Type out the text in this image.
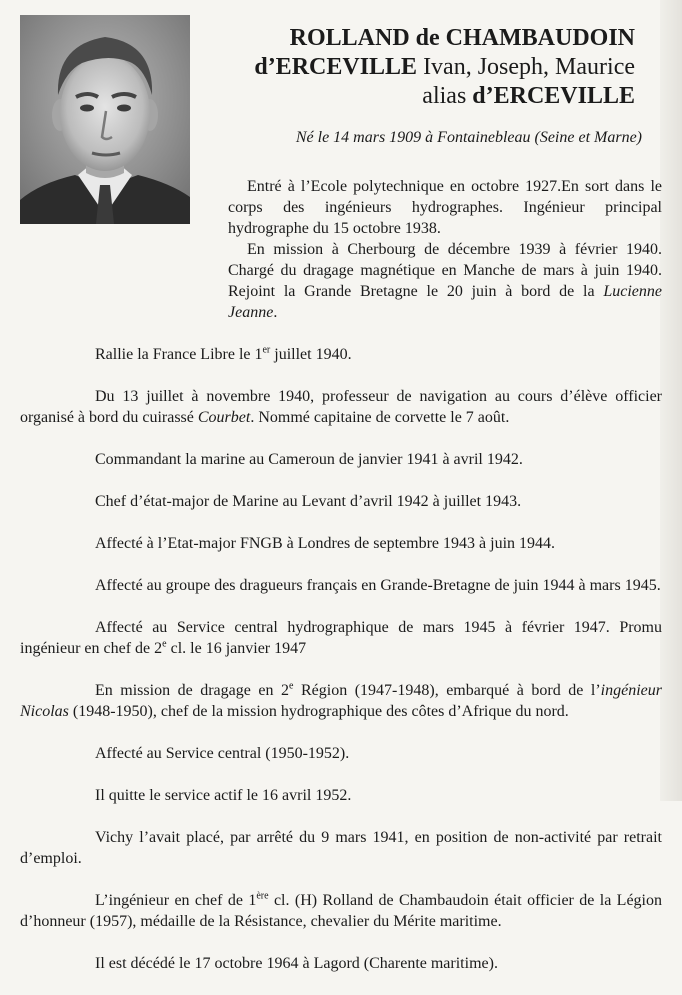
ROLLAND de CHAMBAUDOIN
d’ERCEVILLE Ivan, Joseph, Maurice
alias d’ERCEVILLE
Né le 14 mars 1909 à Fontainebleau (Seine et Marne)

Entré à l’Ecole polytechnique en octobre 1927.En sort dans le corps des ingénieurs hydrographes. Ingénieur principal hydrographe du 15 octobre 1938.

En mission à Cherbourg de décembre 1939 à février 1940. Chargé du dragage magnétique en Manche de mars à juin 1940. Rejoint la Grande Bretagne le 20 juin à bord de la Lucienne Jeanne.

Rallie la France Libre le 1er juillet 1940.

Du 13 juillet à novembre 1940, professeur de navigation au cours d’élève officier organisé à bord du cuirassé Courbet. Nommé capitaine de corvette le 7 août.

Commandant la marine au Cameroun de janvier 1941 à avril 1942.

Chef d’état-major de Marine au Levant d’avril 1942 à juillet 1943.

Affecté à l’Etat-major FNGB à Londres de septembre 1943 à juin 1944.

Affecté au groupe des dragueurs français en Grande-Bretagne de juin 1944 à mars 1945.

Affecté au Service central hydrographique de mars 1945 à février 1947. Promu ingénieur en chef de 2e cl. le 16 janvier 1947

En mission de dragage en 2e Région (1947-1948), embarqué à bord de l’ingénieur Nicolas (1948-1950), chef de la mission hydrographique des côtes d’Afrique du nord.

Affecté au Service central (1950-1952).

Il quitte le service actif le 16 avril 1952.

Vichy l’avait placé, par arrêté du 9 mars 1941, en position de non-activité par retrait d’emploi.

L’ingénieur en chef de 1ère cl. (H) Rolland de Chambaudoin était officier de la Légion d’honneur (1957), médaille de la Résistance, chevalier du Mérite maritime.

Il est décédé le 17 octobre 1964 à Lagord (Charente maritime).
